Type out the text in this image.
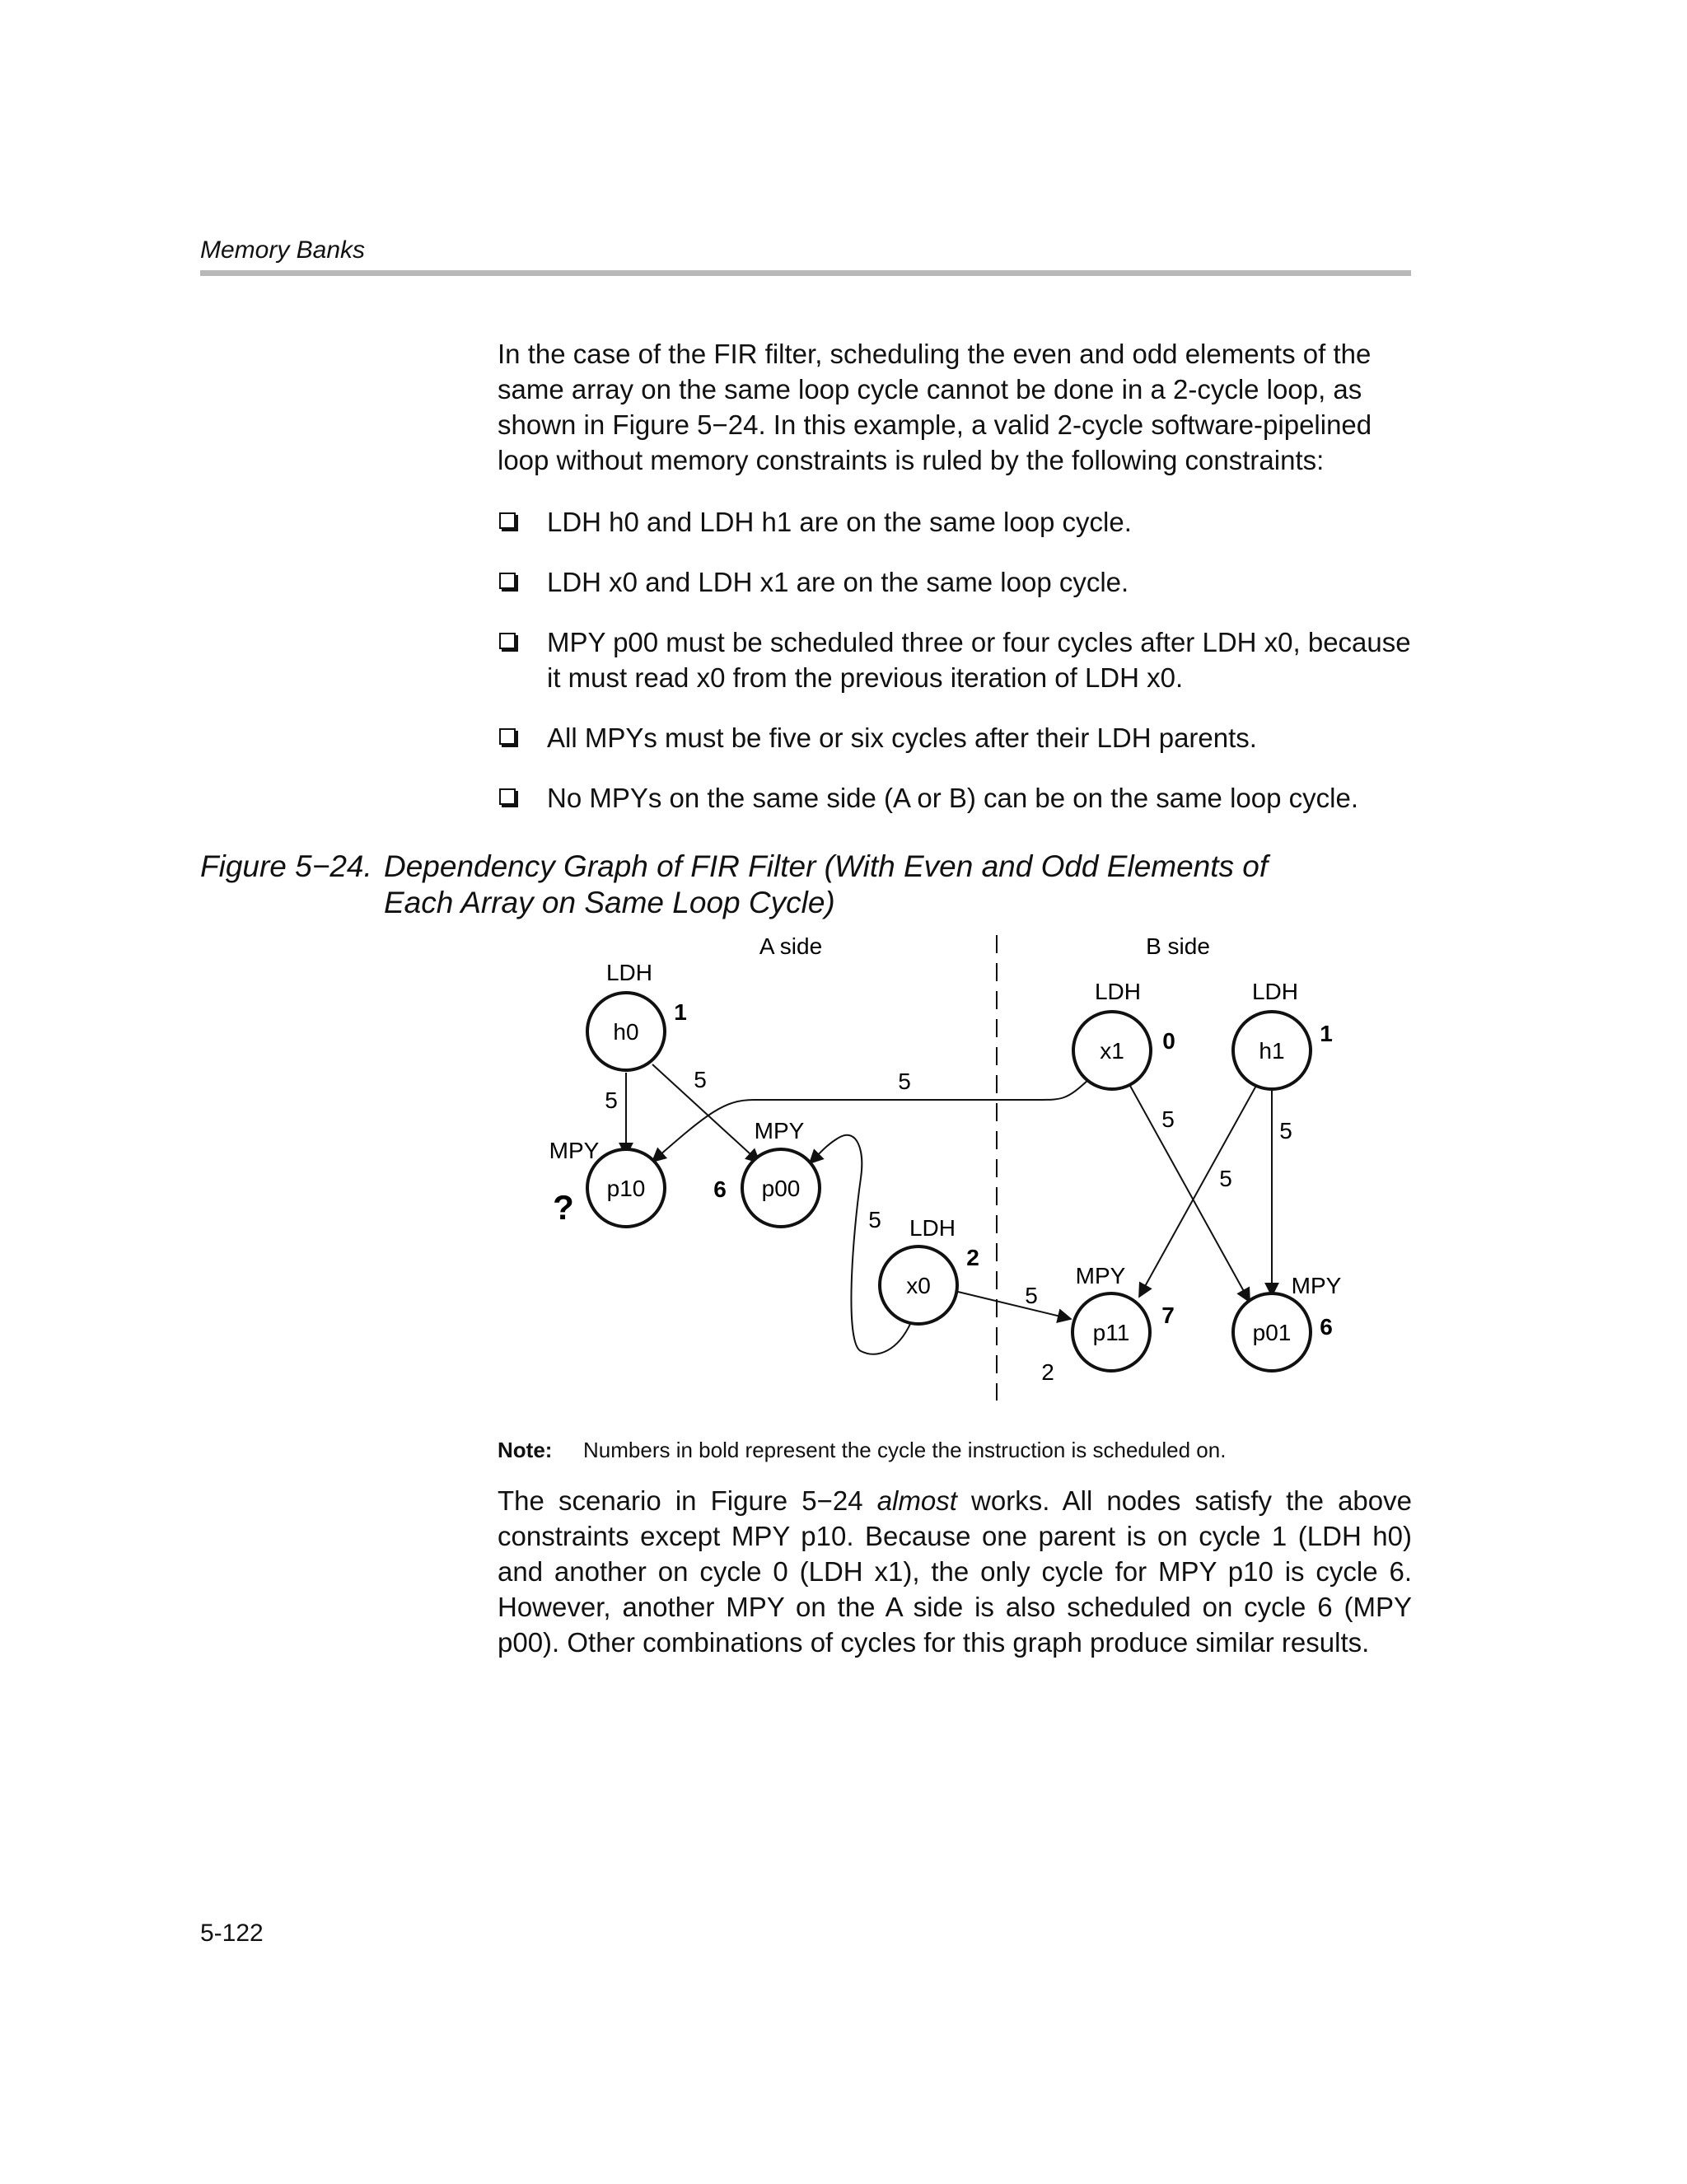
Memory Banks

In the case of the FIR filter, scheduling the even and odd elements of the same array on the same loop cycle cannot be done in a 2-cycle loop, as shown in Figure 5−24. In this example, a valid 2-cycle software-pipelined loop without memory constraints is ruled by the following constraints:

LDH h0 and LDH h1 are on the same loop cycle.
LDH x0 and LDH x1 are on the same loop cycle.
MPY p00 must be scheduled three or four cycles after LDH x0, because it must read x0 from the previous iteration of LDH x0.
All MPYs must be five or six cycles after their LDH parents.
No MPYs on the same side (A or B) can be on the same loop cycle.
Figure 5−24. Dependency Graph of FIR Filter (With Even and Odd Elements of Each Array on Same Loop Cycle)
A side	B side
5
5	5
5
5
5
5
5
2
LDH
h0
1
LDH
x1 0
LDH
h1
1
MPY
p10
?
MPY
p00
6
LDH
x0
2
MPY
p11
7
MPY
p01 6
Note: Numbers in bold represent the cycle the instruction is scheduled on.

The scenario in Figure 5−24 almost works. All nodes satisfy the above constraints except MPY p10. Because one parent is on cycle 1 (LDH h0) and another on cycle 0 (LDH x1), the only cycle for MPY p10 is cycle 6. However, another MPY on the A side is also scheduled on cycle 6 (MPY p00). Other combinations of cycles for this graph produce similar results.

5-122
